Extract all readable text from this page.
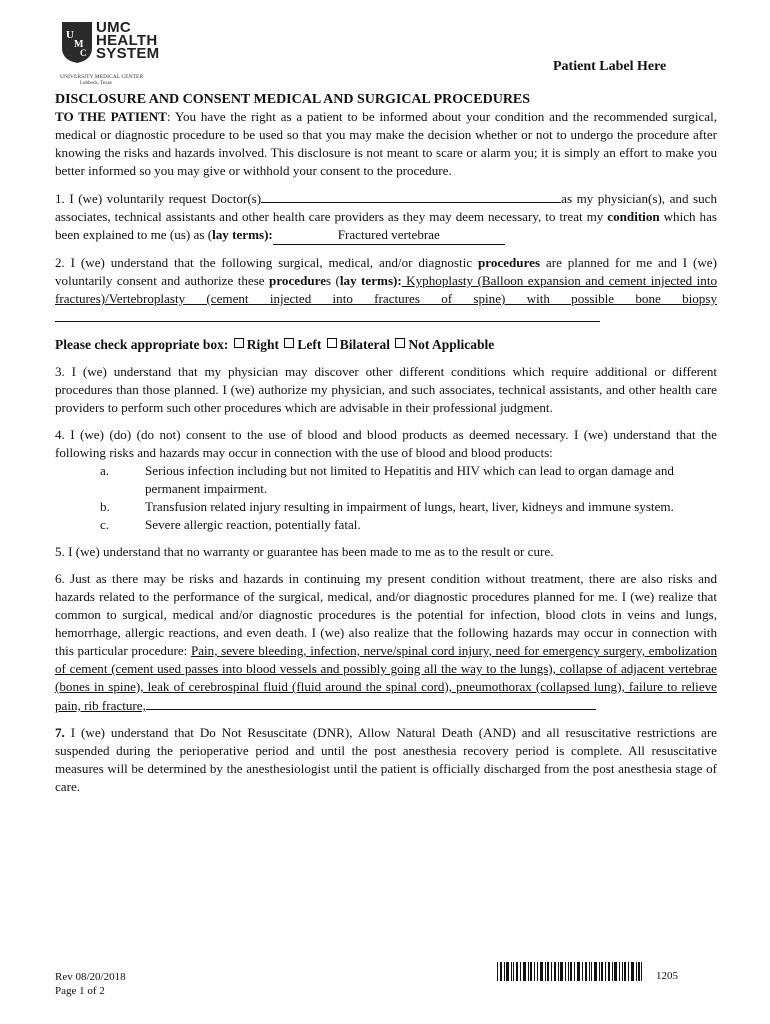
U
M
C
UMC
HEALTH
SYSTEM
UNIVERSITY MEDICAL CENTER
Lubbock, Texas
Patient Label Here

DISCLOSURE AND CONSENT MEDICAL AND SURGICAL PROCEDURES

TO THE PATIENT: You have the right as a patient to be informed about your condition and the recommended surgical, medical or diagnostic procedure to be used so that you may make the decision whether or not to undergo the procedure after knowing the risks and hazards involved. This disclosure is not meant to scare or alarm you; it is simply an effort to make you better informed so you may give or withhold your consent to the procedure.

1. I (we) voluntarily request Doctor(s)	as my physician(s), and such associates, technical assistants and other health care providers as they may deem necessary, to treat my condition which has been explained to me (us) as (lay terms):	Fractured vertebrae

2. I (we) understand that the following surgical, medical, and/or diagnostic procedures are planned for me and I (we) voluntarily consent and authorize these procedures (lay terms): Kyphoplasty (Balloon expansion and cement injected into fractures)/Vertebroplasty (cement injected into fractures of spine) with possible bone biopsy

Please check appropriate box: Right Left Bilateral Not Applicable

3. I (we) understand that my physician may discover other different conditions which require additional or different procedures than those planned. I (we) authorize my physician, and such associates, technical assistants, and other health care providers to perform such other procedures which are advisable in their professional judgment.

4. I (we) (do) (do not) consent to the use of blood and blood products as deemed necessary. I (we) understand that the following risks and hazards may occur in connection with the use of blood and blood products:

a.	Serious infection including but not limited to Hepatitis and HIV which can lead to organ damage and permanent impairment.
b.	Transfusion related injury resulting in impairment of lungs, heart, liver, kidneys and immune system.
c.	Severe allergic reaction, potentially fatal.

5. I (we) understand that no warranty or guarantee has been made to me as to the result or cure.

6. Just as there may be risks and hazards in continuing my present condition without treatment, there are also risks and hazards related to the performance of the surgical, medical, and/or diagnostic procedures planned for me. I (we) realize that common to surgical, medical and/or diagnostic procedures is the potential for infection, blood clots in veins and lungs, hemorrhage, allergic reactions, and even death. I (we) also realize that the following hazards may occur in connection with this particular procedure: Pain, severe bleeding, infection, nerve/spinal cord injury, need for emergency surgery, embolization of cement (cement used passes into blood vessels and possibly going all the way to the lungs), collapse of adjacent vertebrae (bones in spine), leak of cerebrospinal fluid (fluid around the spinal cord), pneumothorax (collapsed lung), failure to relieve pain, rib fracture,

7. I (we) understand that Do Not Resuscitate (DNR), Allow Natural Death (AND) and all resuscitative restrictions are suspended during the perioperative period and until the post anesthesia recovery period is complete. All resuscitative measures will be determined by the anesthesiologist until the patient is officially discharged from the post anesthesia stage of care.

Rev 08/20/2018
Page 1 of 2
1205
